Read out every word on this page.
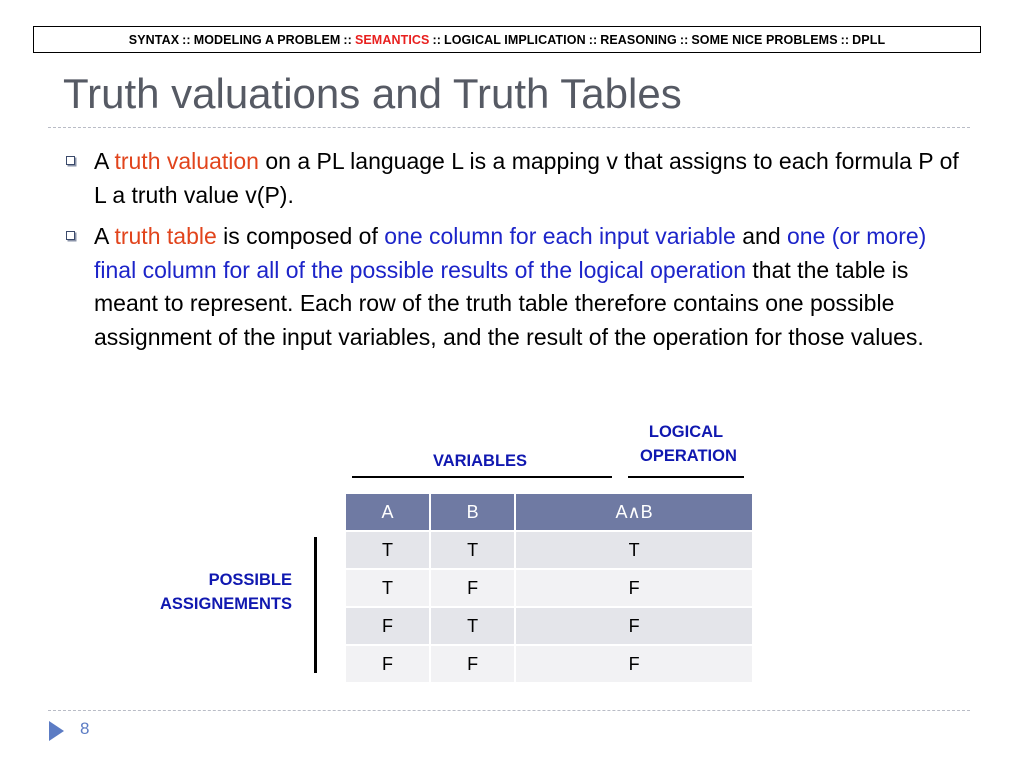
SYNTAX :: MODELING A PROBLEM :: SEMANTICS :: LOGICAL IMPLICATION :: REASONING :: SOME NICE PROBLEMS :: DPLL
Truth valuations and Truth Tables
A truth valuation on a PL language L is a mapping v that assigns to each formula P of L a truth value v(P).
A truth table is composed of one column for each input variable and one (or more) final column for all of the possible results of the logical operation that the table is meant to represent. Each row of the truth table therefore contains one possible assignment of the input variables, and the result of the operation for those values.
LOGICAL
OPERATION
VARIABLES
POSSIBLE
ASSIGNEMENTS
A	B	A∧B
T	T	T
T	F	F
F	T	F
F	F	F
8
